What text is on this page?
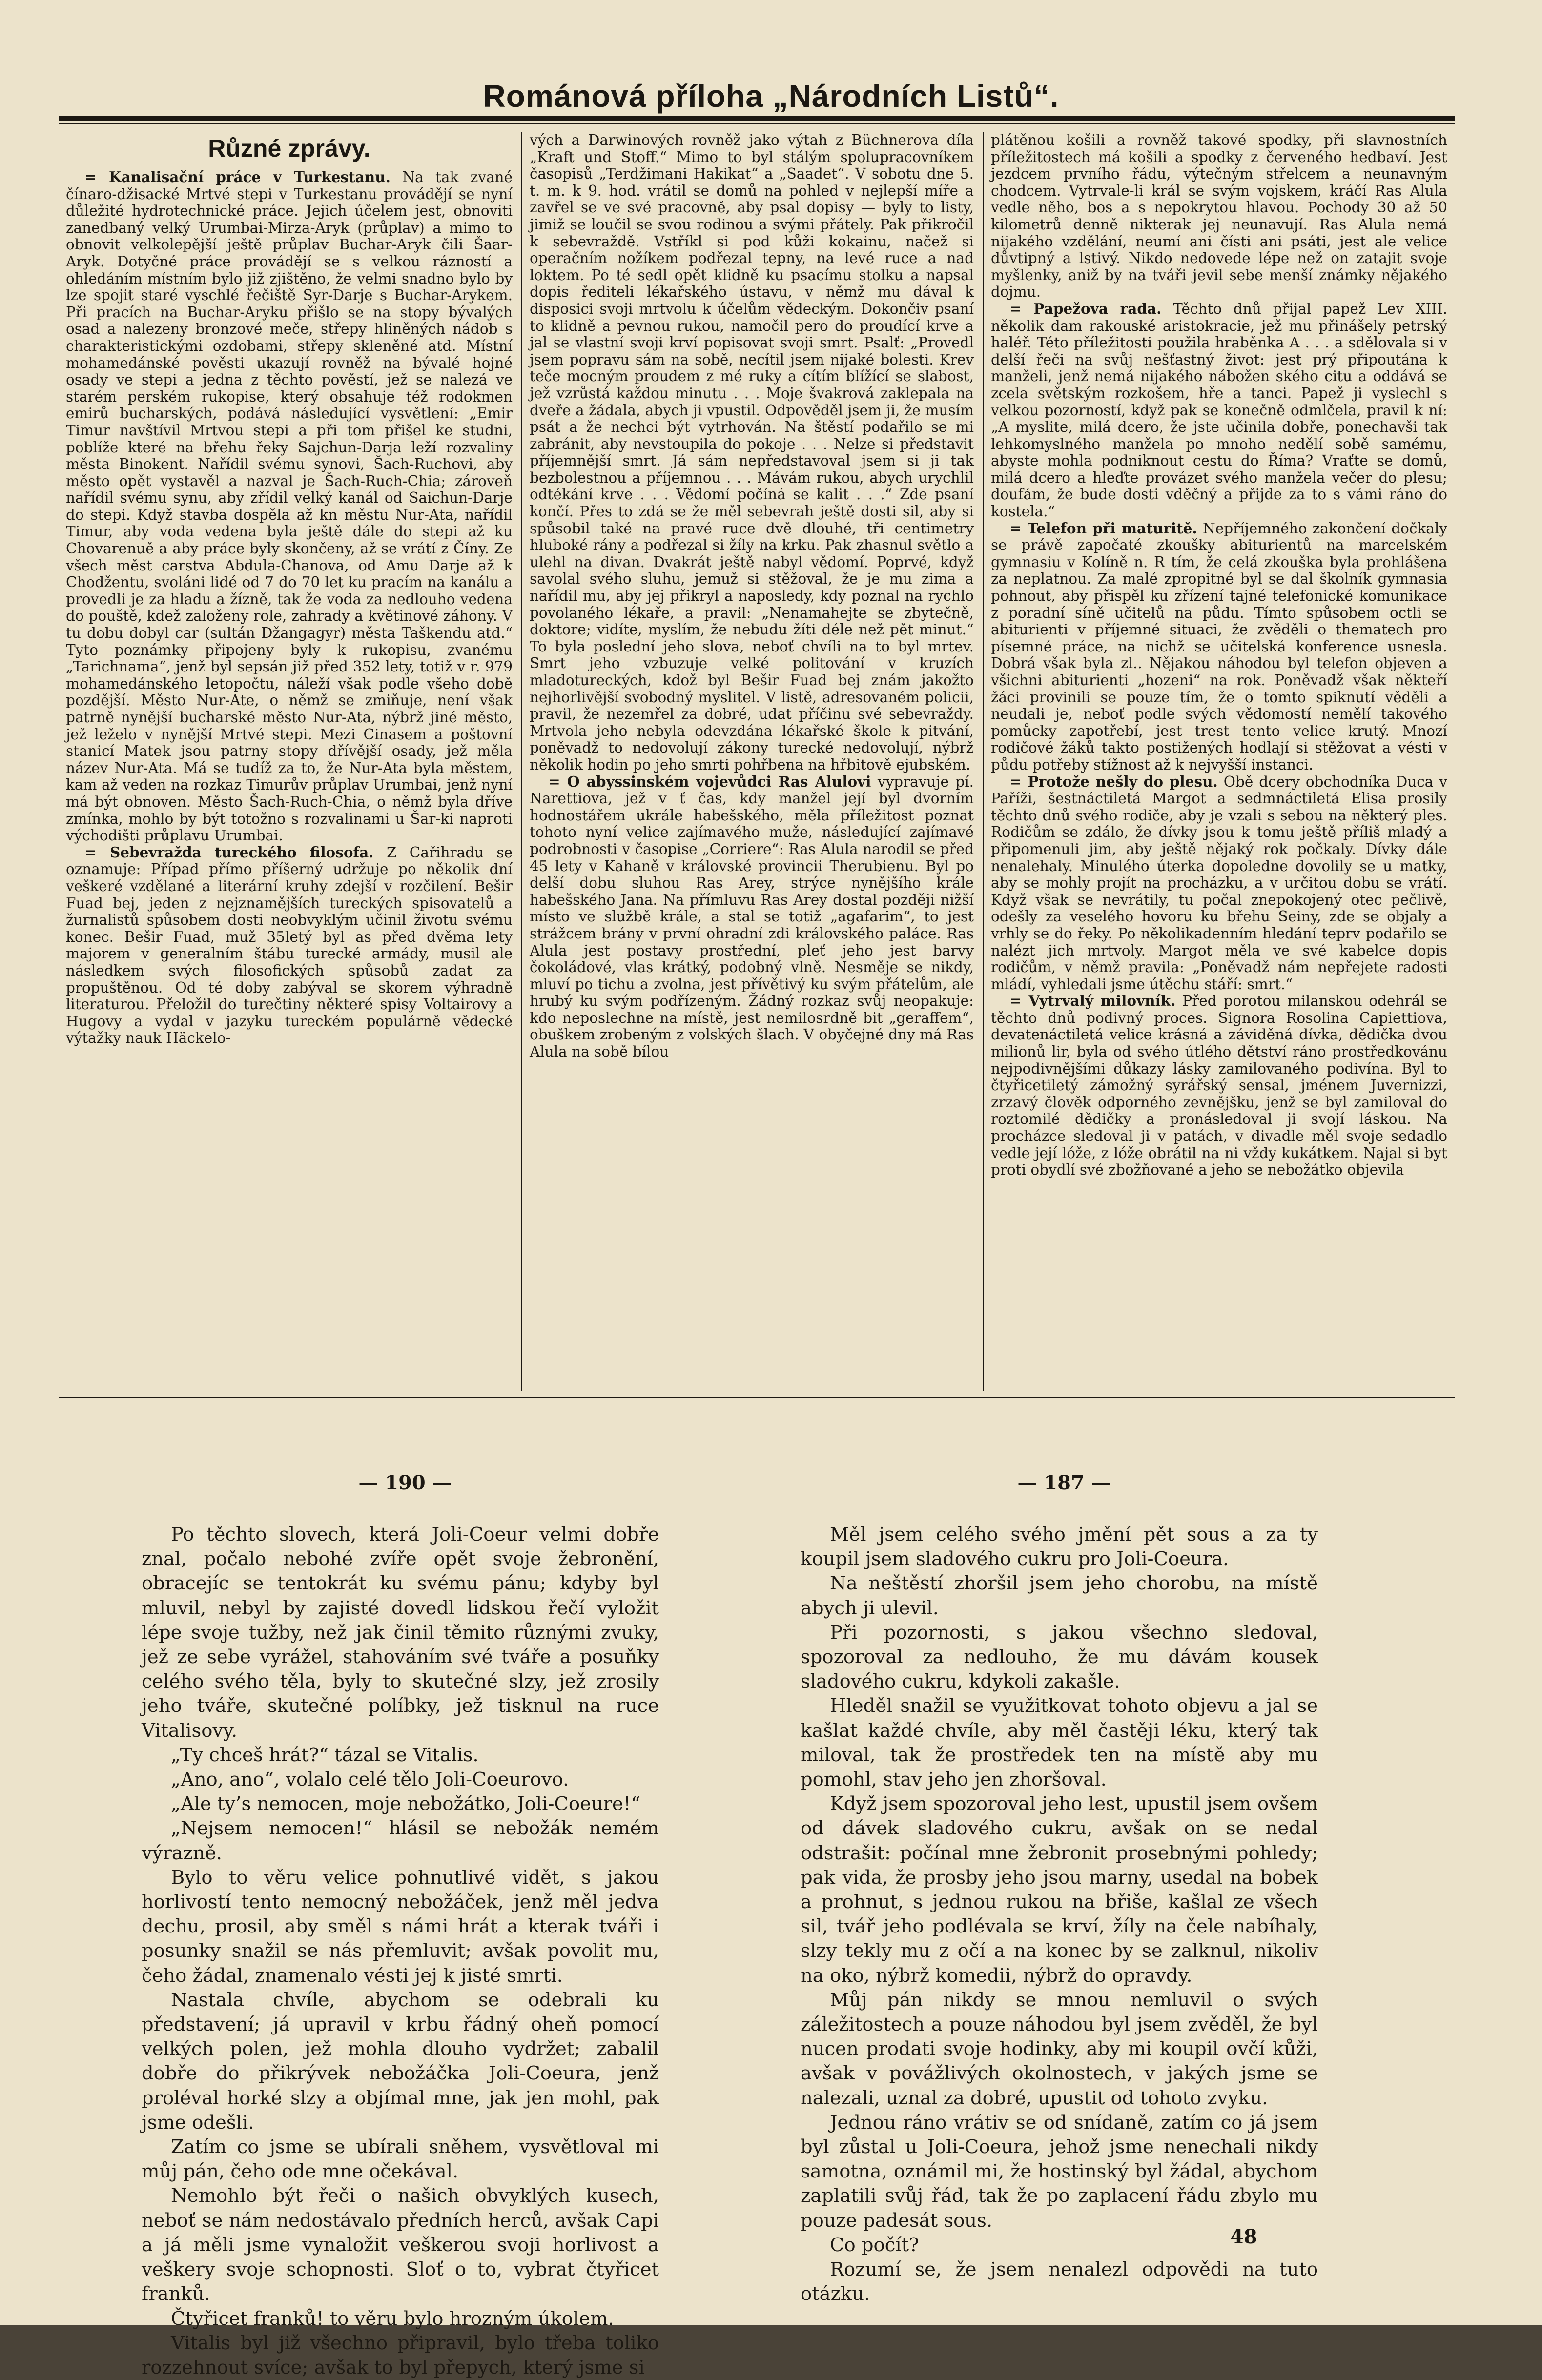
Románová příloha „Národních Listů“.

Různé zprávy.

= Kanalisační práce v Turkestanu. Na tak zvané čínaro-džisacké Mrtvé stepi v Turkestanu provádějí se nyní důležité hydrotechnické práce. Jejich účelem jest, obnoviti zanedbaný velký Urumbai-Mirza-Aryk (průplav) a mimo to obnovit velkolepější ještě průplav Buchar-Aryk čili Šaar-Aryk. Dotyčné práce provádějí se s velkou rázností a ohledáním místním bylo již zjištěno, že velmi snadno bylo by lze spojit staré vyschlé řečiště Syr-Darje s Buchar-Arykem. Při pracích na Buchar-Aryku přišlo se na stopy bývalých osad a nalezeny bronzové meče, střepy hliněných nádob s charakteristickými ozdobami, střepy skleněné atd. Místní mohamedánské pověsti ukazují rovněž na bývalé hojné osady ve stepi a jedna z těchto pověstí, jež se nalezá ve starém perském rukopise, který obsahuje též rodokmen emirů bucharských, podává následující vysvětlení: „Emir Timur navštívil Mrtvou stepi a při tom přišel ke studni, poblíže které na břehu řeky Sajchun-Darja leží rozvaliny města Binokent. Nařídil svému synovi, Šach-Ruchovi, aby město opět vystavěl a nazval je Šach-Ruch-Chia; zároveň nařídil svému synu, aby zřídil velký kanál od Saichun-Darje do stepi. Když stavba dospěla až kn městu Nur-Ata, nařídil Timur, aby voda vedena byla ještě dále do stepi až ku Chovarenuě a aby práce byly skončeny, až se vrátí z Číny. Ze všech měst carstva Abdula-Chanova, od Amu Darje až k Chodžentu, svoláni lidé od 7 do 70 let ku pracím na kanálu a provedli je za hladu a žízně, tak že voda za nedlouho vedena do pouště, kdež založeny role, zahrady a květinové záhony. V tu dobu dobyl car (sultán Džangagyr) města Taškendu atd.“ Tyto poznámky připojeny byly k rukopisu, zvanému „Tarichnama“, jenž byl sepsán již před 352 lety, totiž v r. 979 mohamedánského letopočtu, náleží však podle všeho době pozdější. Město Nur-Ate, o němž se zmiňuje, není však patrně nynější bucharské město Nur-Ata, nýbrž jiné město, jež leželo v nynější Mrtvé stepi. Mezi Cinasem a poštovní stanicí Matek jsou patrny stopy dřívější osady, jež měla název Nur-Ata. Má se tudíž za to, že Nur-Ata byla městem, kam až veden na rozkaz Timurův průplav Urumbai, jenž nyní má být obnoven. Město Šach-Ruch-Chia, o němž byla dříve zmínka, mohlo by být totožno s rozvalinami u Šar-ki naproti východišti průplavu Urumbai.

= Sebevražda tureckého filosofa. Z Cařihradu se oznamuje: Případ přímo příšerný udržuje po několik dní veškeré vzdělané a literární kruhy zdejší v rozčilení. Bešir Fuad bej, jeden z nejznamějších tureckých spisovatelů a žurnalistů spůsobem dosti neobvyklým učinil životu svému konec. Bešir Fuad, muž 35letý byl as před dvěma lety majorem v generalním štábu turecké armády, musil ale následkem svých filosofických spůsobů zadat za propuštěnou. Od té doby zabýval se skorem výhradně literaturou. Přeložil do turečtiny některé spisy Voltairovy a Hugovy a vydal v jazyku tureckém populárně vědecké výtažky nauk Häckelo-

vých a Darwinových rovněž jako výtah z Büchnerova díla „Kraft und Stoff.“ Mimo to byl stálým spolupracovníkem časopisů „Terdžimani Hakikat“ a „Saadet“. V sobotu dne 5. t. m. k 9. hod. vrátil se domů na pohled v nejlepší míře a zavřel se ve své pracovně, aby psal dopisy — byly to listy, jimiž se loučil se svou rodinou a svými přátely. Pak přikročil k sebevraždě. Vstříkl si pod kůži kokainu, načež si operačním nožíkem podřezal tepny, na levé ruce a nad loktem. Po té sedl opět klidně ku psacímu stolku a napsal dopis řediteli lékařského ústavu, v němž mu dával k disposici svoji mrtvolu k účelům vědeckým. Dokončiv psaní to klidně a pevnou rukou, namočil pero do proudící krve a jal se vlastní svoji krví popisovat svoji smrt. Psalť: „Provedl jsem popravu sám na sobě, necítil jsem nijaké bolesti. Krev teče mocným proudem z mé ruky a cítím blížící se slabost, jež vzrůstá každou minutu . . . Moje švakrová zaklepala na dveře a žádala, abych ji vpustil. Odpověděl jsem ji, že musím psát a že nechci být vytrhován. Na štěstí podařilo se mi zabránit, aby nevstoupila do pokoje . . . Nelze si představit příjemnější smrt. Já sám nepředstavoval jsem si ji tak bezbolestnou a příjemnou . . . Mávám rukou, abych urychlil odtékání krve . . . Vědomí počíná se kalit . . .“ Zde psaní končí. Přes to zdá se že měl sebevrah ještě dosti sil, aby si spůsobil také na pravé ruce dvě dlouhé, tři centimetry hluboké rány a podřezal si žíly na krku. Pak zhasnul světlo a ulehl na divan. Dvakrát ještě nabyl vědomí. Poprvé, když savolal svého sluhu, jemuž si stěžoval, že je mu zima a nařídil mu, aby jej přikryl a naposledy, kdy poznal na rychlo povolaného lékaře, a pravil: „Nenamahejte se zbytečně, doktore; vidíte, myslím, že nebudu žíti déle než pět minut.“ To byla poslední jeho slova, neboť chvíli na to byl mrtev. Smrt jeho vzbuzuje velké politování v kruzích mladotureckých, kdož byl Bešir Fuad bej znám jakožto nejhorlivější svobodný myslitel. V listě, adresovaném policii, pravil, že nezemřel za dobré, udat příčinu své sebevraždy. Mrtvola jeho nebyla odevzdána lékařské škole k pitvání, poněvadž to nedovolují zákony turecké nedovolují, nýbrž několik hodin po jeho smrti pohřbena na hřbitově ejubském.

= O abyssinském vojevůdci Ras Alulovi vypravuje pí. Narettiova, jež v ť čas, kdy manžel její byl dvorním hodnostářem ukrále habešského, měla příležitost poznat tohoto nyní velice zajímavého muže, následující zajímavé podrobnosti v časopise „Corriere“: Ras Alula narodil se před 45 lety v Kahaně v královské provincii Therubienu. Byl po delší dobu sluhou Ras Arey, strýce nynějšího krále habešského Jana. Na přímluvu Ras Arey dostal později nižší místo ve službě krále, a stal se totiž „agafarim“, to jest strážcem brány v první ohradní zdi královského paláce. Ras Alula jest postavy prostřední, pleť jeho jest barvy čokoládové, vlas krátký, podobný vlně. Nesměje se nikdy, mluví po tichu a zvolna, jest přívětivý ku svým přátelům, ale hrubý ku svým podřízeným. Žádný rozkaz svůj neopakuje: kdo neposlechne na místě, jest nemilosrdně bit „geraffem“, obuškem zrobeným z volských šlach. V obyčejné dny má Ras Alula na sobě bílou

plátěnou košili a rovněž takové spodky, při slavnostních příležitostech má košili a spodky z červeného hedbaví. Jest jezdcem prvního řádu, výtečným střelcem a neunavným chodcem. Vytrvale-li král se svým vojskem, kráčí Ras Alula vedle něho, bos a s nepokrytou hlavou. Pochody 30 až 50 kilometrů denně nikterak jej neunavují. Ras Alula nemá nijakého vzdělání, neumí ani čísti ani psáti, jest ale velice důvtipný a lstivý. Nikdo nedovede lépe než on zatajit svoje myšlenky, aniž by na tváři jevil sebe menší známky nějakého dojmu.

= Papežova rada. Těchto dnů přijal papež Lev XIII. několik dam rakouské aristokracie, jež mu přinášely petrský haléř. Této příležitosti použila hraběnka A . . . a sdělovala si v delší řeči na svůj nešťastný život: jest prý připoutána k manželi, jenž nemá nijakého nábožen ského citu a oddává se zcela světským rozkošem, hře a tanci. Papež ji vyslechl s velkou pozorností, když pak se konečně odmlčela, pravil k ní: „A myslite, milá dcero, že jste učinila dobře, ponechavši tak lehkomyslného manžela po mnoho nedělí sobě samému, abyste mohla podniknout cestu do Říma? Vraťte se domů, milá dcero a hleďte provázet svého manžela večer do plesu; doufám, že bude dosti vděčný a přijde za to s vámi ráno do kostela.“

= Telefon při maturitě. Nepříjemného zakončení dočkaly se právě započaté zkoušky abiturientů na marcelském gymnasiu v Kolíně n. R tím, že celá zkouška byla prohlášena za neplatnou. Za malé zpropitné byl se dal školník gymnasia pohnout, aby přispěl ku zřízení tajné telefonické komunikace z poradní síně učitelů na půdu. Tímto spůsobem octli se abiturienti v příjemné situaci, že zvěděli o thematech pro písemné práce, na nichž se učitelská konference usnesla. Dobrá však byla zl.. Nějakou náhodou byl telefon objeven a všichni abiturienti „hozeni“ na rok. Poněvadž však někteří žáci provinili se pouze tím, že o tomto spiknutí věděli a neudali je, neboť podle svých vědomostí nemělí takového pomůcky zapotřebí, jest trest tento velice krutý. Mnozí rodičové žáků takto postižených hodlají si stěžovat a vésti v půdu potřeby stížnost až k nejvyšší instanci.

= Protože nešly do plesu. Obě dcery obchodníka Duca v Paříži, šestnáctiletá Margot a sedmnáctiletá Elisa prosily těchto dnů svého rodiče, aby je vzali s sebou na některý ples. Rodičům se zdálo, že dívky jsou k tomu ještě příliš mladý a připomenuli jim, aby ještě nějaký rok počkaly. Dívky dále nenalehaly. Minulého úterka dopoledne dovolily se u matky, aby se mohly projít na procházku, a v určitou dobu se vrátí. Když však se nevrátily, tu počal znepokojený otec pečlivě, odešly za veselého hovoru ku břehu Seiny, zde se objaly a vrhly se do řeky. Po několikadenním hledání teprv podařilo se nalézt jich mrtvoly. Margot měla ve své kabelce dopis rodičům, v němž pravila: „Poněvadž nám nepřejete radosti mládí, vyhledali jsme útěchu stáří: smrt.“

= Vytrvalý milovník. Před porotou milanskou odehrál se těchto dnů podivný proces. Signora Rosolina Capiettiova, devatenáctiletá velice krásná a záviděná dívka, dědička dvou milionů lir, byla od svého útlého dětství ráno prostředkovánu nejpodivnějšími důkazy lásky zamilovaného podivína. Byl to čtyřicetiletý zámožný syrářský sensal, jménem Juvernizzi, zrzavý člověk odporného zevnějšku, jenž se byl zamiloval do roztomilé dědičky a pronásledoval ji svojí láskou. Na procházce sledoval ji v patách, v divadle měl svoje sedadlo vedle její lóže, z lóže obrátil na ni vždy kukátkem. Najal si byt proti obydlí své zbožňované a jeho se nebožátko objevila

— 190 —	— 187 —

Po těchto slovech, která Joli-Coeur velmi dobře znal, počalo nebohé zvíře opět svoje žebronění, obracejíc se tentokrát ku svému pánu; kdyby byl mluvil, nebyl by zajisté dovedl lidskou řečí vyložit lépe svoje tužby, než jak činil těmito různými zvuky, jež ze sebe vyrážel, stahováním své tváře a posuňky celého svého těla, byly to skutečné slzy, jež zrosily jeho tváře, skutečné políbky, jež tisknul na ruce Vitalisovy.

„Ty chceš hrát?“ tázal se Vitalis.

„Ano, ano“, volalo celé tělo Joli-Coeurovo.

„Ale ty’s nemocen, moje nebožátko, Joli-Coeure!“

„Nejsem nemocen!“ hlásil se nebožák nemém výrazně.

Bylo to věru velice pohnutlivé vidět, s jakou horlivostí tento nemocný nebožáček, jenž měl jedva dechu, prosil, aby směl s námi hrát a kterak tváři i posunky snažil se nás přemluvit; avšak povolit mu, čeho žádal, znamenalo vésti jej k jisté smrti.

Nastala chvíle, abychom se odebrali ku představení; já upravil v krbu řádný oheň pomocí velkých polen, jež mohla dlouho vydržet; zabalil dobře do přikrývek nebožáčka Joli-Coeura, jenž proléval horké slzy a objímal mne, jak jen mohl, pak jsme odešli.

Zatím co jsme se ubírali sněhem, vysvětloval mi můj pán, čeho ode mne očekával.

Nemohlo být řeči o našich obvyklých kusech, neboť se nám nedostávalo předních herců, avšak Capi a já měli jsme vynaložit veškerou svoji horlivost a veškery svoje schopnosti. Sloť o to, vybrat čtyřicet franků.

Čtyřicet franků! to věru bylo hrozným úkolem.

Vitalis byl již všechno připravil, bylo třeba toliko rozzehnout svíce; avšak to byl přepych, který jsme si

Měl jsem celého svého jmění pět sous a za ty koupil jsem sladového cukru pro Joli-Coeura.

Na neštěstí zhoršil jsem jeho chorobu, na místě abych ji ulevil.

Při pozornosti, s jakou všechno sledoval, spozoroval za nedlouho, že mu dávám kousek sladového cukru, kdykoli zakašle.

Hleděl snažil se využitkovat tohoto objevu a jal se kašlat každé chvíle, aby měl častěji léku, který tak miloval, tak že prostředek ten na místě aby mu pomohl, stav jeho jen zhoršoval.

Když jsem spozoroval jeho lest, upustil jsem ovšem od dávek sladového cukru, avšak on se nedal odstrašit: počínal mne žebronit prosebnými pohledy; pak vida, že prosby jeho jsou marny, usedal na bobek a prohnut, s jednou rukou na břiše, kašlal ze všech sil, tvář jeho podlévala se krví, žíly na čele nabíhaly, slzy tekly mu z očí a na konec by se zalknul, nikoliv na oko, nýbrž komedii, nýbrž do opravdy.

Můj pán nikdy se mnou nemluvil o svých záležitostech a pouze náhodou byl jsem zvěděl, že byl nucen prodati svoje hodinky, aby mi koupil ovčí kůži, avšak v povážlivých okolnostech, v jakých jsme se nalezali, uznal za dobré, upustit od tohoto zvyku.

Jednou ráno vrátiv se od snídaně, zatím co já jsem byl zůstal u Joli-Coeura, jehož jsme nenechali nikdy samotna, oznámil mi, že hostinský byl žádal, abychom zaplatili svůj řád, tak že po zaplacení řádu zbylo mu pouze padesát sous.

Co počít?

Rozumí se, že jsem nenalezl odpovědi na tuto otázku.

48
